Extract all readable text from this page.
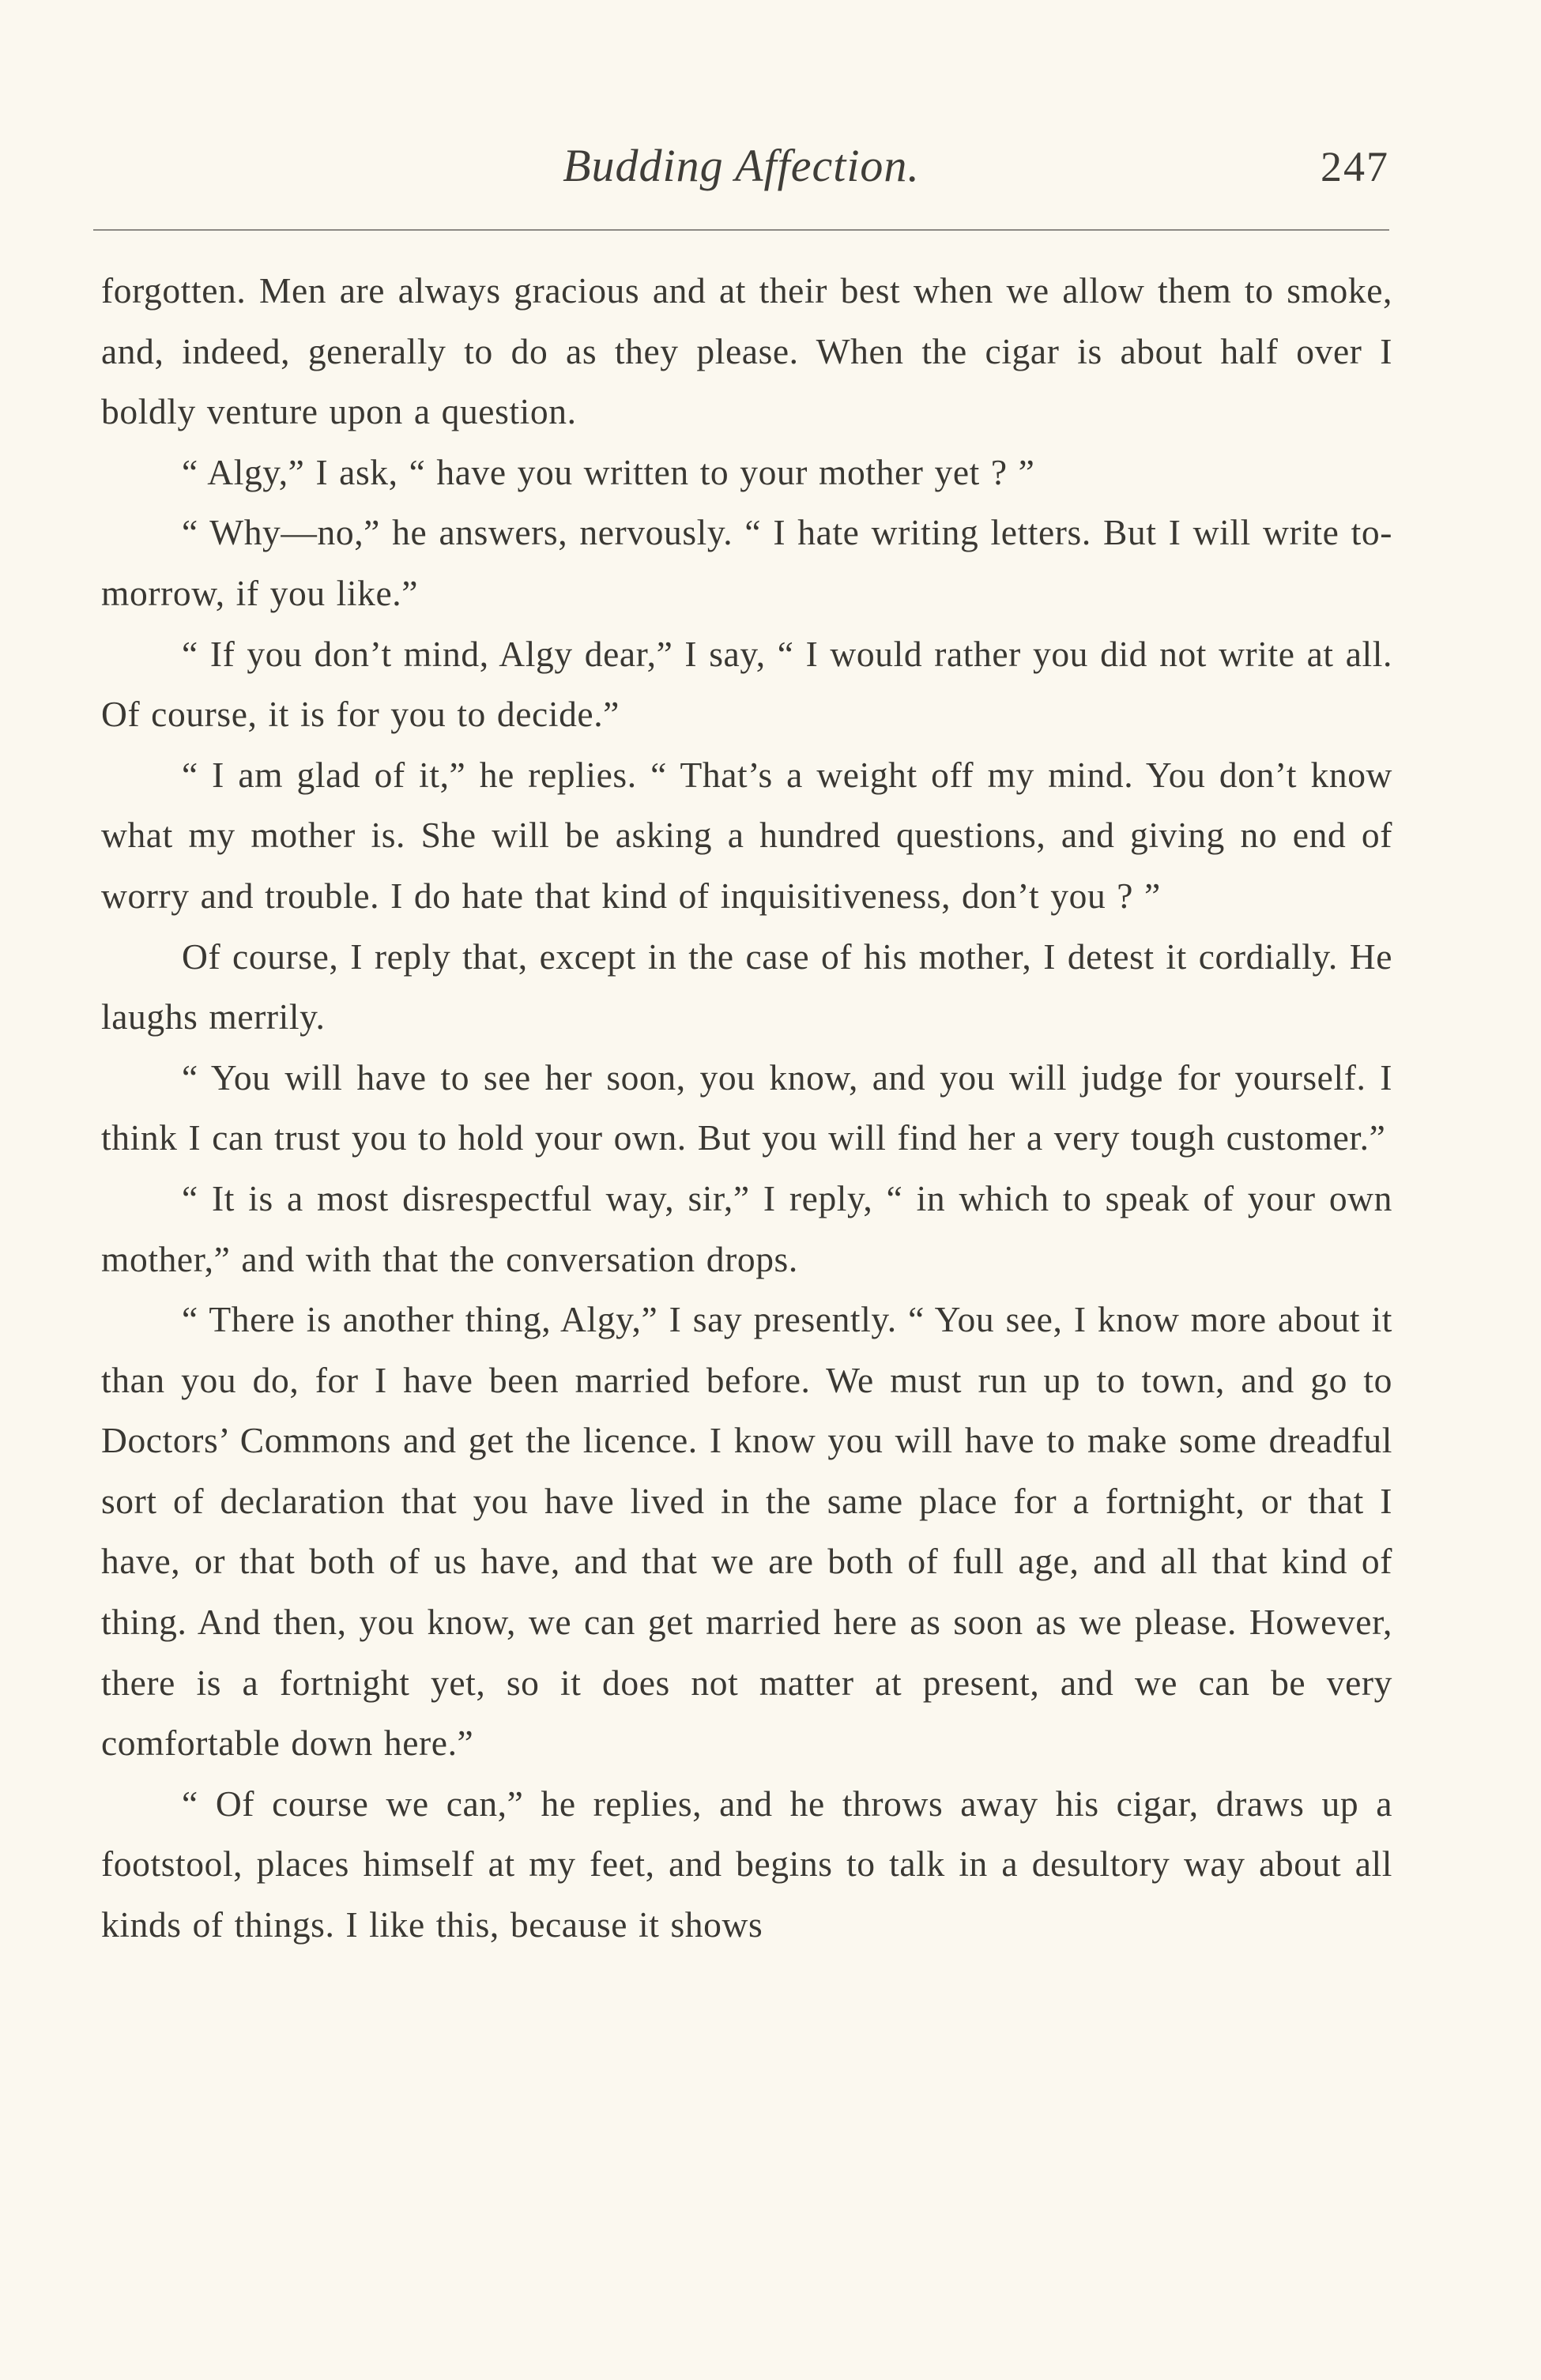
Budding Affection.	247

forgotten. Men are always gracious and at their best when we allow them to smoke, and, indeed, generally to do as they please. When the cigar is about half over I boldly venture upon a question.

“ Algy,” I ask, “ have you written to your mother yet ? ”

“ Why—no,” he answers, nervously. “ I hate writing letters. But I will write to-morrow, if you like.”

“ If you don’t mind, Algy dear,” I say, “ I would rather you did not write at all. Of course, it is for you to decide.”

“ I am glad of it,” he replies. “ That’s a weight off my mind. You don’t know what my mother is. She will be asking a hundred questions, and giving no end of worry and trouble. I do hate that kind of inquisitiveness, don’t you ? ”

Of course, I reply that, except in the case of his mother, I detest it cordially. He laughs merrily.

“ You will have to see her soon, you know, and you will judge for yourself. I think I can trust you to hold your own. But you will find her a very tough customer.”

“ It is a most disrespectful way, sir,” I reply, “ in which to speak of your own mother,” and with that the conversation drops.

“ There is another thing, Algy,” I say presently. “ You see, I know more about it than you do, for I have been married before. We must run up to town, and go to Doctors’ Commons and get the licence. I know you will have to make some dreadful sort of declaration that you have lived in the same place for a fortnight, or that I have, or that both of us have, and that we are both of full age, and all that kind of thing. And then, you know, we can get married here as soon as we please. However, there is a fortnight yet, so it does not matter at present, and we can be very comfortable down here.”

“ Of course we can,” he replies, and he throws away his cigar, draws up a footstool, places himself at my feet, and begins to talk in a desultory way about all kinds of things. I like this, because it shows
